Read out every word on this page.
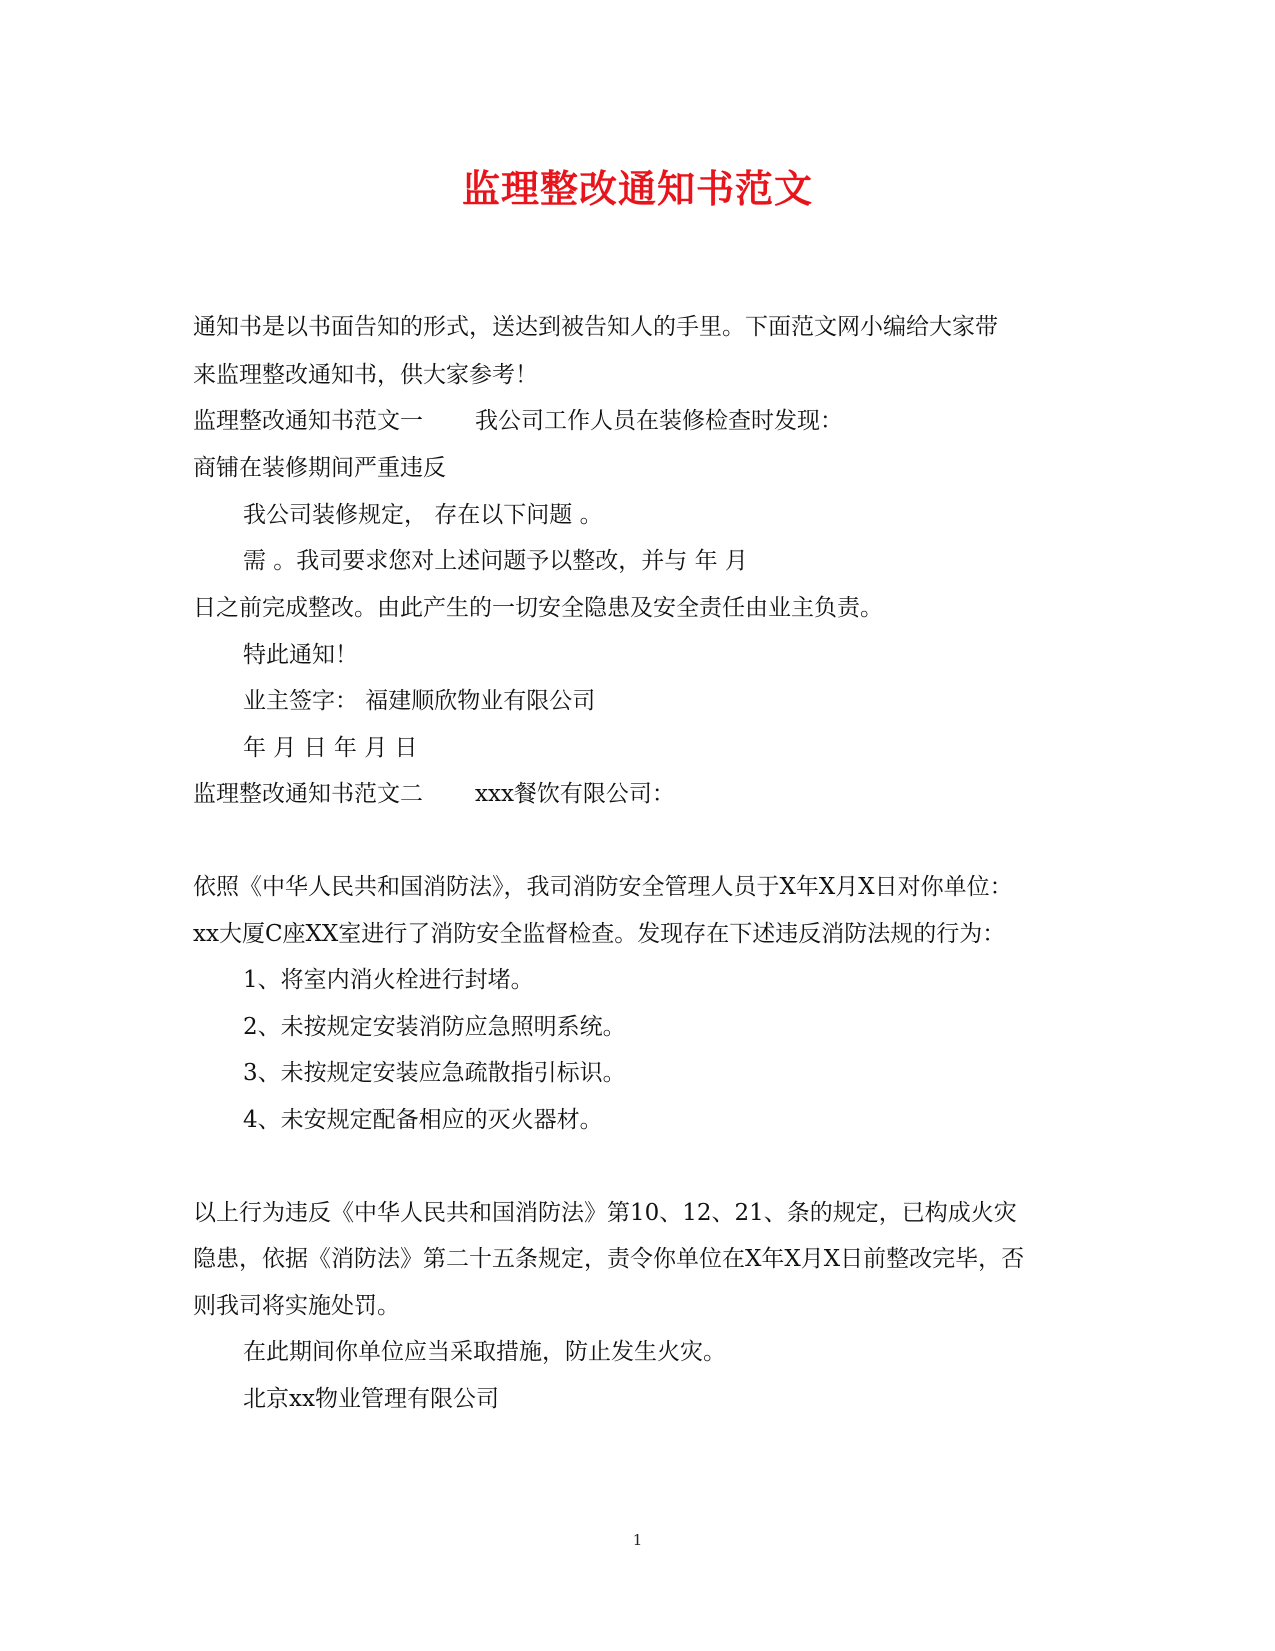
监理整改通知书范文
通知书是以书面告知的形式，送达到被告知人的手里。下面范文网小编给大家带
来监理整改通知书，供大家参考！
监理整改通知书范文一 我公司工作人员在装修检查时发现：
商铺在装修期间严重违反
我公司装修规定， 存在以下问题 。
需 。我司要求您对上述问题予以整改，并与 年 月
日之前完成整改。由此产生的一切安全隐患及安全责任由业主负责。
特此通知！
业主签字： 福建顺欣物业有限公司
年 月 日 年 月 日
监理整改通知书范文二 xxx餐饮有限公司：
依照《中华人民共和国消防法》，我司消防安全管理人员于X年X月X日对你单位：
xx大厦C座XX室进行了消防安全监督检查。发现存在下述违反消防法规的行为：
1、将室内消火栓进行封堵。
2、未按规定安装消防应急照明系统。
3、未按规定安装应急疏散指引标识。
4、未安规定配备相应的灭火器材。
以上行为违反《中华人民共和国消防法》第10、12、21、条的规定，已构成火灾
隐患，依据《消防法》第二十五条规定，责令你单位在X年X月X日前整改完毕，否
则我司将实施处罚。
在此期间你单位应当采取措施，防止发生火灾。
北京xx物业管理有限公司
1
